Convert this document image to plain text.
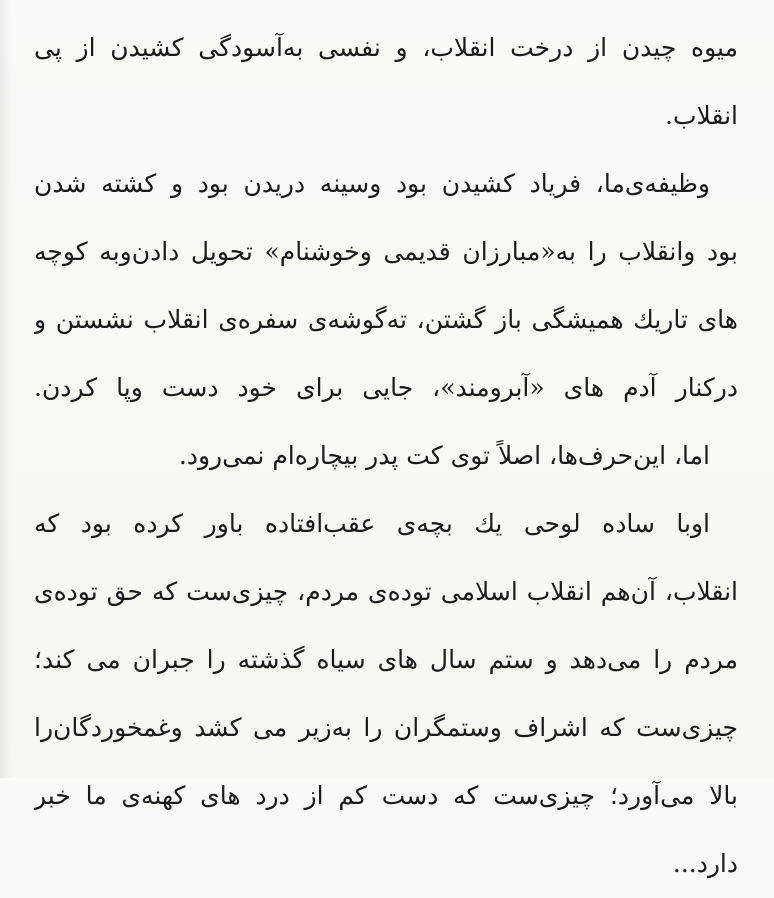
میوه چیدن از درخت انقلاب، و نفسی به‌آسودگی کشیدن از پی
انقلاب.
وظیفه‌ی‌ما، فریاد کشیدن بود وسینه دریدن بود و کشته شدن
بود وانقلاب را به«مبارزان قدیمی وخوشنام» تحویل دادن‌وبه کوچه
های تاریك همیشگی باز گشتن، ته‌گوشه‌ی سفره‌ی انقلاب نشستن و
درکنار آدم های «آبرومند»، جایی برای خود دست وپا کردن.
اما، این‌حرف‌ها، اصلاً توی کت پدر بیچاره‌ام نمی‌رود.
اوبا ساده لوحی یك بچه‌ی عقب‌افتاده باور کرده بود که
انقلاب، آن‌هم انقلاب اسلامی توده‌ی مردم، چیزی‌ست که حق توده‌ی
مردم را می‌دهد و ستم سال های سیاه گذشته را جبران می کند؛
چیزی‌ست که اشراف وستمگران را به‌زیر می کشد وغمخوردگان‌را
بالا می‌آورد؛ چیزی‌ست که دست کم از درد های کهنه‌ی ما خبر
دارد...
